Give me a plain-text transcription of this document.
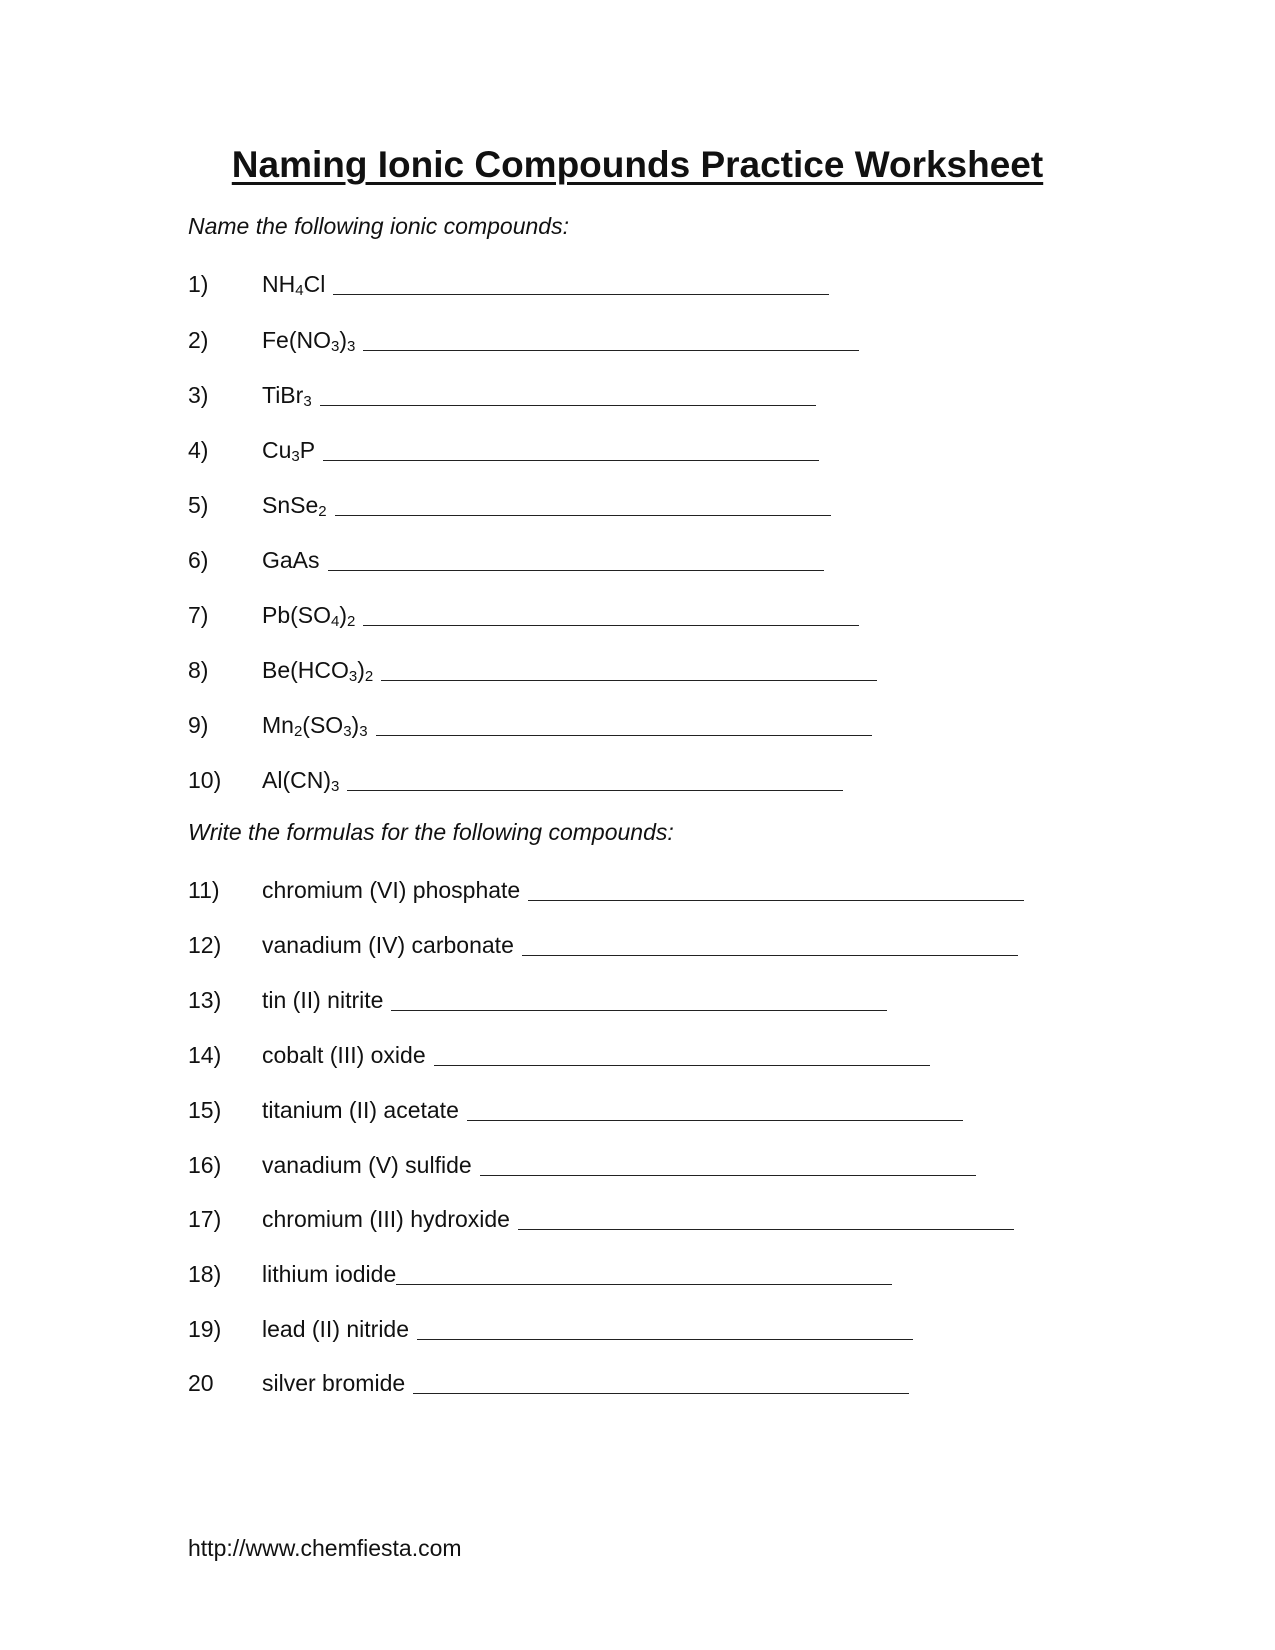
Naming Ionic Compounds Practice Worksheet

Name the following ionic compounds:

1)	$NH_4Cl$
2)	$Fe(NO_3)_3$
3)	TiBr$_3$
4)	$Cu_3P$
5)	SnSe$_2$
6)	GaAs
7)	$Pb(SO_4)_2$
8)	$Be(HCO_3)_2$
9)	$Mn_2(SO_3)_3$
10)	$Al(CN)_3$

Write the formulas for the following compounds:

11)	chromium (VI) phosphate
12)	vanadium (IV) carbonate
13)	tin (II) nitrite
14)	cobalt (III) oxide
15)	titanium (II) acetate
16)	vanadium (V) sulfide
17)	chromium (III) hydroxide
18)	lithium iodide
19)	lead (II) nitride
20	silver bromide
http://www.chemfiesta.com
